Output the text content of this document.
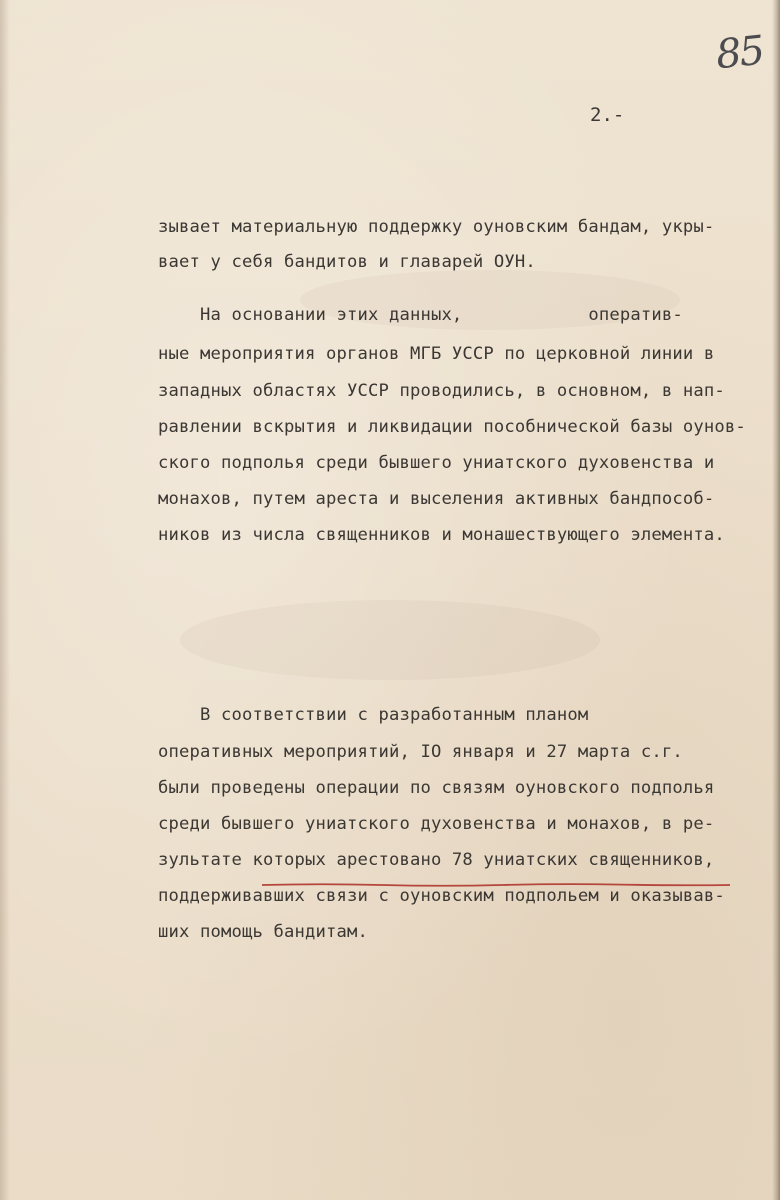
85
2.-

зывает материальную поддержку оуновским бандам, укры-

вает у себя бандитов и главарей ОУН.

На основании этих данных,            оператив-

ные мероприятия органов МГБ УССР по церковной линии в

западных областях УССР проводились, в основном, в нап-

равлении вскрытия и ликвидации пособнической базы оунов-

ского подполья среди бывшего униатского духовенства и

монахов, путем ареста и выселения активных бандпособ-

ников из числа священников и монашествующего элемента.

В соответствии с разработанным планом

оперативных мероприятий, IO января и 27 марта с.г.

были проведены операции по связям оуновского подполья

среди бывшего униатского духовенства и монахов, в ре-

зультате которых арестовано 78 униатских священников,

поддерживавших связи с оуновским подпольем и оказывав-

ших помощь бандитам.
